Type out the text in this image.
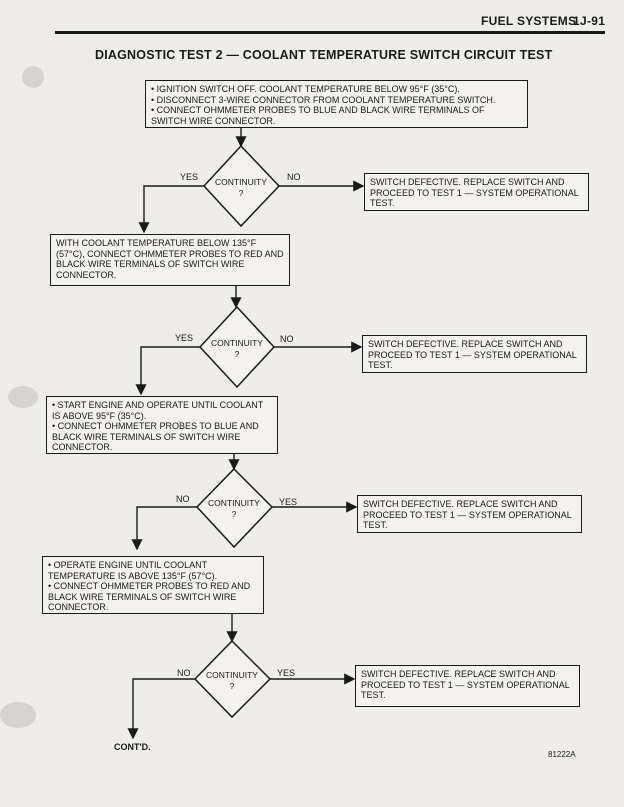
FUEL SYSTEMS
1J-91
DIAGNOSTIC TEST 2 — COOLANT TEMPERATURE SWITCH CIRCUIT TEST
• IGNITION SWITCH OFF. COOLANT TEMPERATURE BELOW 95°F (35°C).
• DISCONNECT 3-WIRE CONNECTOR FROM COOLANT TEMPERATURE SWITCH.
• CONNECT OHMMETER PROBES TO BLUE AND BLACK WIRE TERMINALS OF SWITCH WIRE CONNECTOR.
CONTINUITY
?
YES	NO	SWITCH DEFECTIVE. REPLACE SWITCH AND PROCEED TO TEST 1 — SYSTEM OPERATIONAL TEST.
WITH COOLANT TEMPERATURE BELOW 135°F (57°C), CONNECT OHMMETER PROBES TO RED AND BLACK WIRE TERMINALS OF SWITCH WIRE CONNECTOR.
CONTINUITY
?
YES	NO	SWITCH DEFECTIVE. REPLACE SWITCH AND PROCEED TO TEST 1 — SYSTEM OPERATIONAL TEST.
• START ENGINE AND OPERATE UNTIL COOLANT IS ABOVE 95°F (35°C).
• CONNECT OHMMETER PROBES TO BLUE AND BLACK WIRE TERMINALS OF SWITCH WIRE CONNECTOR.
CONTINUITY
?
NO	YES	SWITCH DEFECTIVE. REPLACE SWITCH AND PROCEED TO TEST 1 — SYSTEM OPERATIONAL TEST.
• OPERATE ENGINE UNTIL COOLANT TEMPERATURE IS ABOVE 135°F (57°C).
• CONNECT OHMMETER PROBES TO RED AND BLACK WIRE TERMINALS OF SWITCH WIRE CONNECTOR.
CONTINUITY
?
NO	YES	SWITCH DEFECTIVE. REPLACE SWITCH AND PROCEED TO TEST 1 — SYSTEM OPERATIONAL TEST.
CONT'D.
81222A
